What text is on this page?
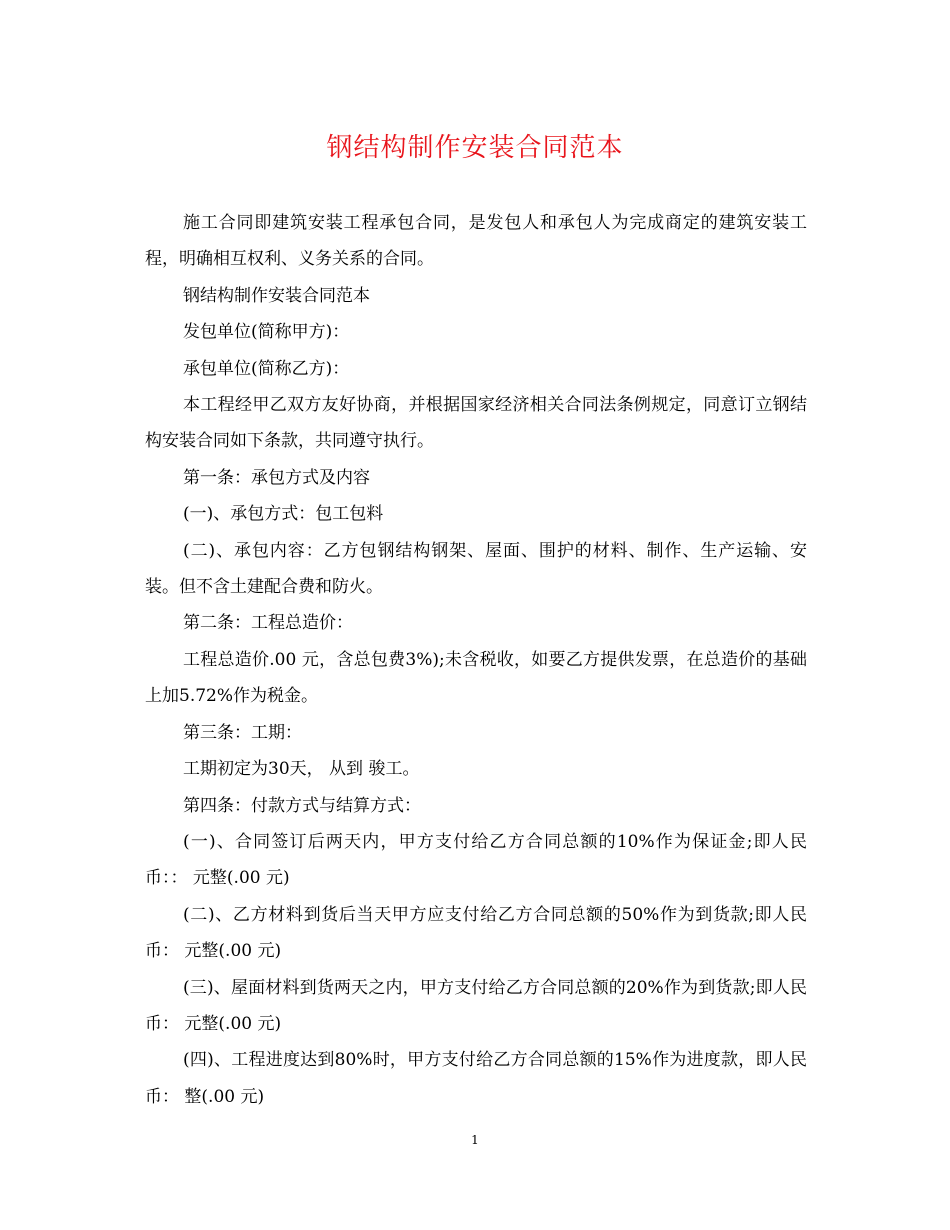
钢结构制作安装合同范本

施工合同即建筑安装工程承包合同，是发包人和承包人为完成商定的建筑安装工程，明确相互权利、义务关系的合同。

钢结构制作安装合同范本

发包单位(简称甲方)：

承包单位(简称乙方)：

本工程经甲乙双方友好协商，并根据国家经济相关合同法条例规定，同意订立钢结构安装合同如下条款，共同遵守执行。

第一条：承包方式及内容

(一)、承包方式：包工包料

(二)、承包内容：乙方包钢结构钢架、屋面、围护的材料、制作、生产运输、安装。但不含土建配合费和防火。

第二条：工程总造价：

工程总造价.00 元，含总包费3%);未含税收，如要乙方提供发票，在总造价的基础上加5.72%作为税金。

第三条：工期：

工期初定为30天， 从到 骏工。

第四条：付款方式与结算方式：

(一)、合同签订后两天内，甲方支付给乙方合同总额的10%作为保证金;即人民币：： 元整(.00 元)

(二)、乙方材料到货后当天甲方应支付给乙方合同总额的50%作为到货款;即人民币： 元整(.00 元)

(三)、屋面材料到货两天之内，甲方支付给乙方合同总额的20%作为到货款;即人民币： 元整(.00 元)

(四)、工程进度达到80%时，甲方支付给乙方合同总额的15%作为进度款，即人民币： 整(.00 元)

1
